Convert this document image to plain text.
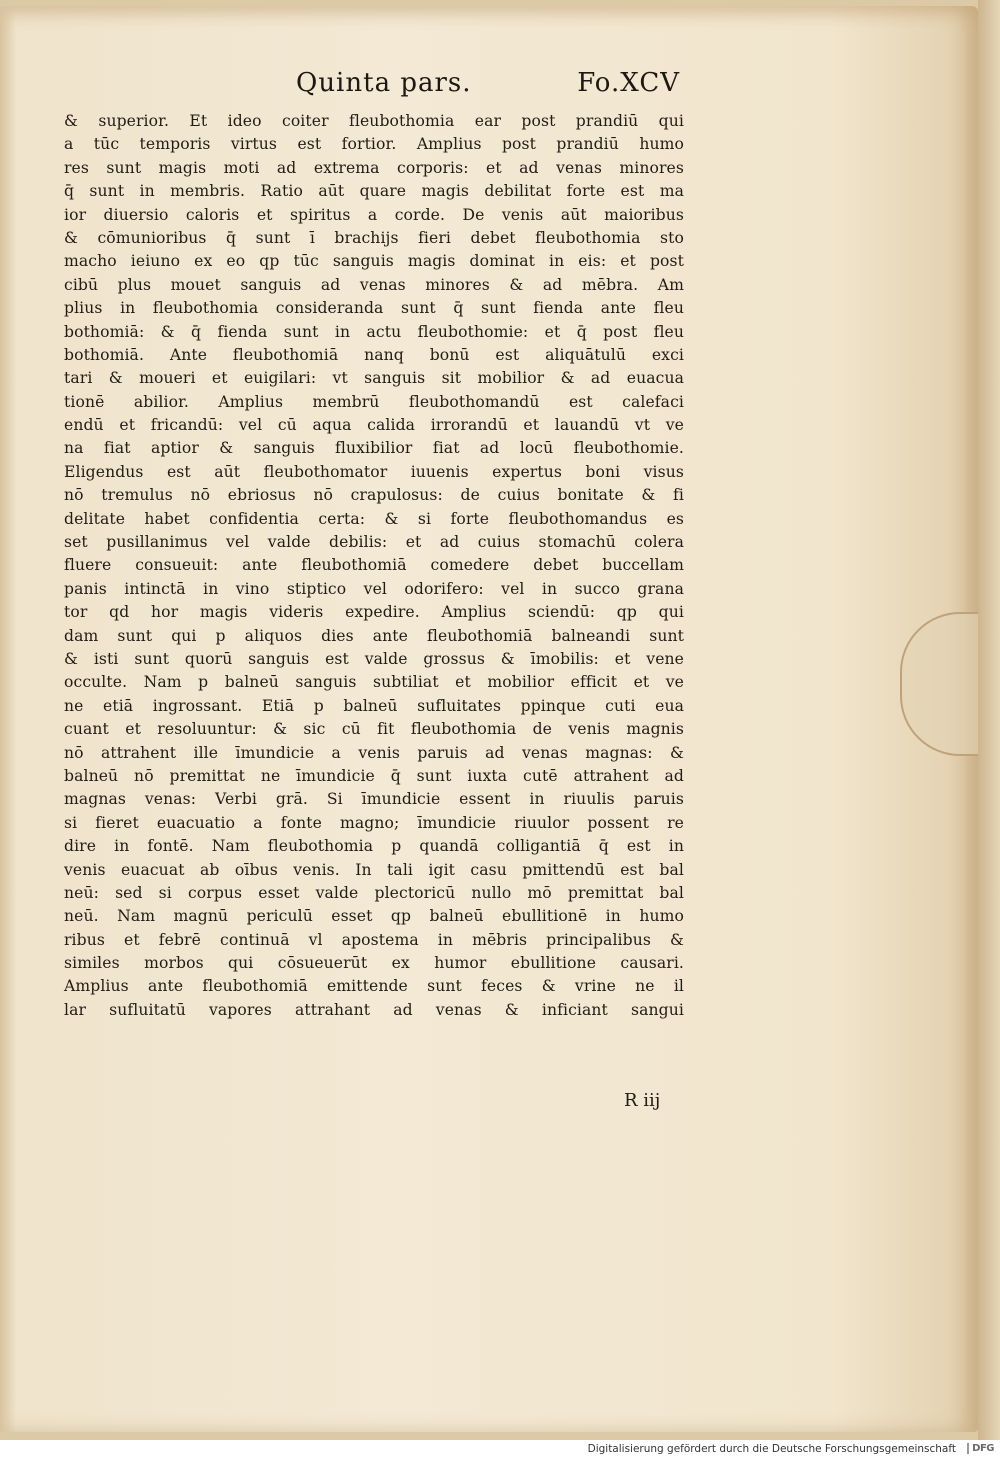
Quinta pars.	Fo.XCV
& superior. Et ideo coiter fleubothomia ear post prandiū qui
a tūc temporis virtus est fortior. Amplius post prandiū humo
res sunt magis moti ad extrema corporis: et ad venas minores
q̄ sunt in membris. Ratio aūt quare magis debilitat forte est ma
ior diuersio caloris et spiritus a corde. De venis aūt maioribus
& cōmunioribus q̄ sunt ī brachijs fieri debet fleubothomia sto
macho ieiuno ex eo qp tūc sanguis magis dominat in eis: et post
cibū plus mouet sanguis ad venas minores & ad mēbra. Am
plius in fleubothomia consideranda sunt q̄ sunt fienda ante fleu
bothomiā: & q̄ fienda sunt in actu fleubothomie: et q̄ post fleu
bothomiā. Ante fleubothomiā nanq bonū est aliquātulū exci
tari & moueri et euigilari: vt sanguis sit mobilior & ad euacua
tionē abilior. Amplius membrū fleubothomandū est calefaci
endū et fricandū: vel cū aqua calida irrorandū et lauandū vt ve
na fiat aptior & sanguis fluxibilior fiat ad locū fleubothomie.
Eligendus est aūt fleubothomator iuuenis expertus boni visus
nō tremulus nō ebriosus nō crapulosus: de cuius bonitate & fi
delitate habet confidentia certa: & si forte fleubothomandus es
set pusillanimus vel valde debilis: et ad cuius stomachū colera
fluere consueuit: ante fleubothomiā comedere debet buccellam
panis intinctā in vino stiptico vel odorifero: vel in succo grana
tor qd hor magis videris expedire. Amplius sciendū: qp qui
dam sunt qui p aliquos dies ante fleubothomiā balneandi sunt
& isti sunt quorū sanguis est valde grossus & īmobilis: et vene
occulte. Nam p balneū sanguis subtiliat et mobilior efficit et ve
ne etiā ingrossant. Etiā p balneū sufluitates ppinque cuti eua
cuant et resoluuntur: & sic cū fit fleubothomia de venis magnis
nō attrahent ille īmundicie a venis paruis ad venas magnas: &
balneū nō premittat ne īmundicie q̄ sunt iuxta cutē attrahent ad
magnas venas: Verbi grā. Si īmundicie essent in riuulis paruis
si fieret euacuatio a fonte magno; īmundicie riuulor possent re
dire in fontē. Nam fleubothomia p quandā colligantiā q̄ est in
venis euacuat ab oībus venis. In tali igit casu pmittendū est bal
neū: sed si corpus esset valde plectoricū nullo mō premittat bal
neū. Nam magnū periculū esset qp balneū ebullitionē in humo
ribus et febrē continuā vl apostema in mēbris principalibus &
similes morbos qui cōsueuerūt ex humor ebullitione causari.
Amplius ante fleubothomiā emittende sunt feces & vrine ne il
lar sufluitatū vapores attrahant ad venas & inficiant sangui
R iij
Digitalisierung gefördert durch die Deutsche Forschungsgemeinschaft	DFG
